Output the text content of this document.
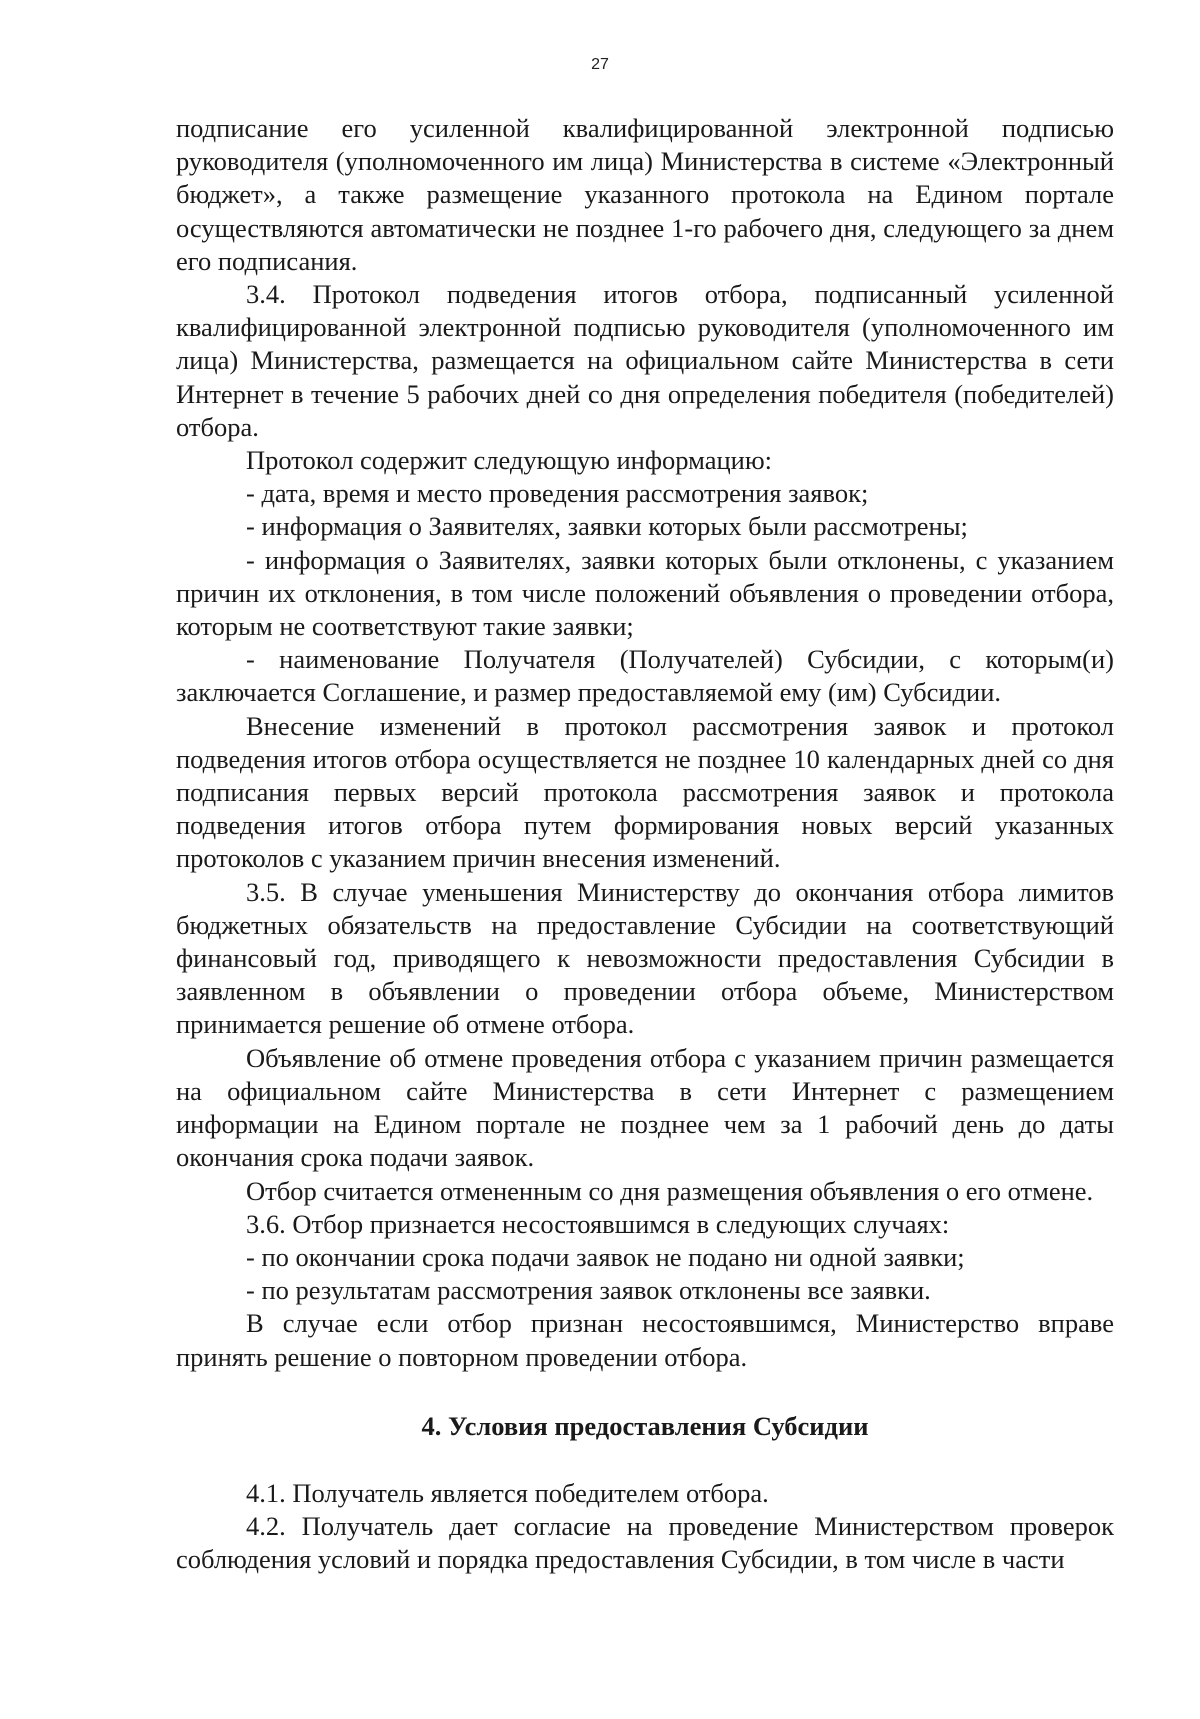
27

подписание его усиленной квалифицированной электронной подписью руководителя (уполномоченного им лица) Министерства в системе «Электронный бюджет», а также размещение указанного протокола на Едином портале осуществляются автоматически не позднее 1-го рабочего дня, следующего за днем его подписания.

3.4. Протокол подведения итогов отбора, подписанный усиленной квалифицированной электронной подписью руководителя (уполномоченного им лица) Министерства, размещается на официальном сайте Министерства в сети Интернет в течение 5 рабочих дней со дня определения победителя (победителей) отбора.

Протокол содержит следующую информацию:

- дата, время и место проведения рассмотрения заявок;

- информация о Заявителях, заявки которых были рассмотрены;

- информация о Заявителях, заявки которых были отклонены, с указанием причин их отклонения, в том числе положений объявления о проведении отбора, которым не соответствуют такие заявки;

- наименование Получателя (Получателей) Субсидии, с которым(и) заключается Соглашение, и размер предоставляемой ему (им) Субсидии.

Внесение изменений в протокол рассмотрения заявок и протокол подведения итогов отбора осуществляется не позднее 10 календарных дней со дня подписания первых версий протокола рассмотрения заявок и протокола подведения итогов отбора путем формирования новых версий указанных протоколов с указанием причин внесения изменений.

3.5. В случае уменьшения Министерству до окончания отбора лимитов бюджетных обязательств на предоставление Субсидии на соответствующий финансовый год, приводящего к невозможности предоставления Субсидии в заявленном в объявлении о проведении отбора объеме, Министерством принимается решение об отмене отбора.

Объявление об отмене проведения отбора с указанием причин размещается на официальном сайте Министерства в сети Интернет с размещением информации на Едином портале не позднее чем за 1 рабочий день до даты окончания срока подачи заявок.

Отбор считается отмененным со дня размещения объявления о его отмене.

3.6. Отбор признается несостоявшимся в следующих случаях:

- по окончании срока подачи заявок не подано ни одной заявки;

- по результатам рассмотрения заявок отклонены все заявки.

В случае если отбор признан несостоявшимся, Министерство вправе принять решение о повторном проведении отбора.

4. Условия предоставления Субсидии

4.1. Получатель является победителем отбора.

4.2. Получатель дает согласие на проведение Министерством проверок соблюдения условий и порядка предоставления Субсидии, в том числе в части
